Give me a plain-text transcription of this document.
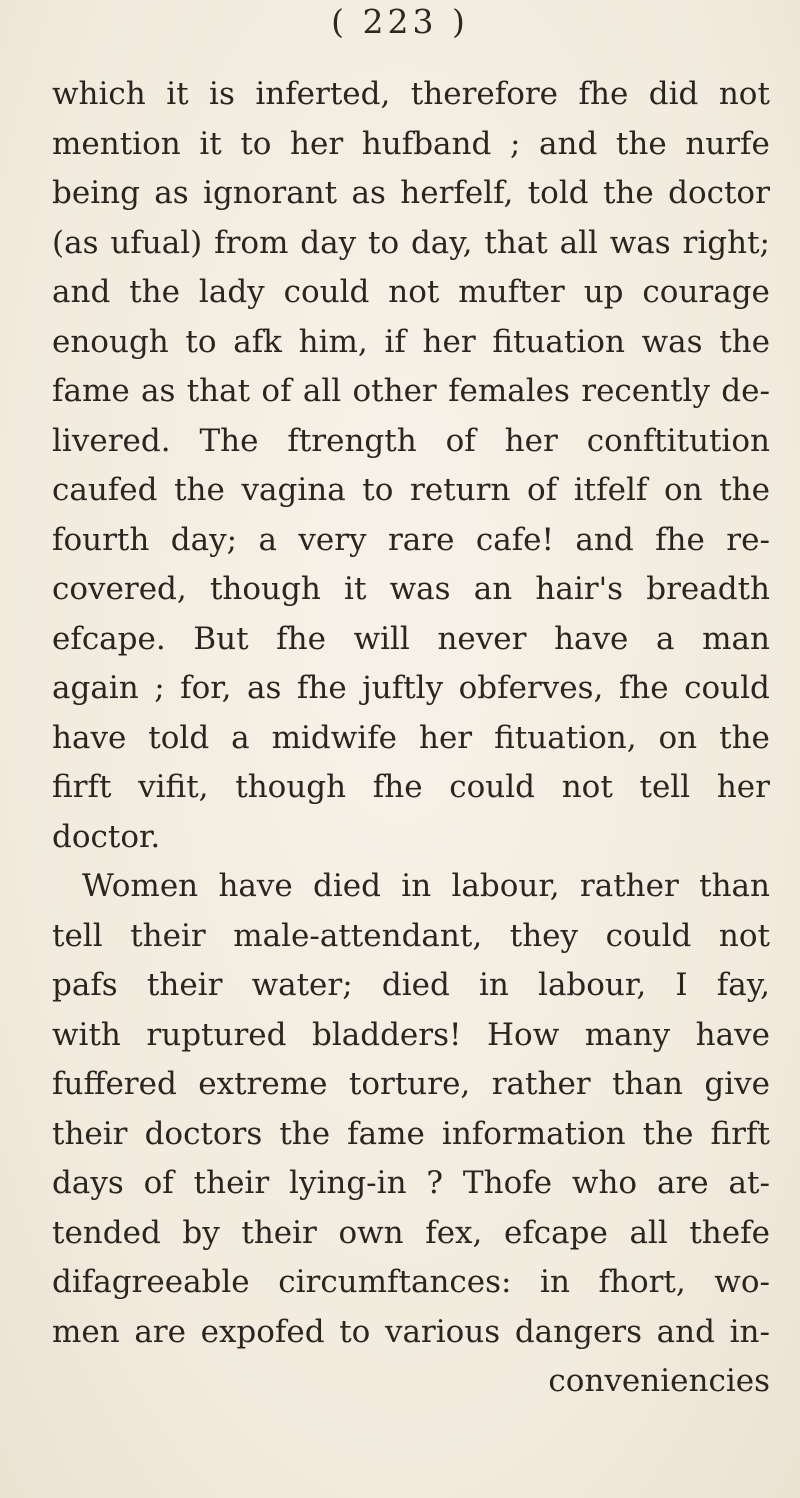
( 223 )
which it is inferted, therefore fhe did not
mention it to her hufband ; and the nurfe
being as ignorant as herfelf, told the doctor
(as ufual) from day to day, that all was right;
and the lady could not mufter up courage
enough to afk him, if her fituation was the
fame as that of all other females recently de-
livered. The ftrength of her conftitution
caufed the vagina to return of itfelf on the
fourth day; a very rare cafe! and fhe re-
covered, though it was an hair's breadth
efcape. But fhe will never have a man
again ; for, as fhe juftly obferves, fhe could
have told a midwife her fituation, on the
firft vifit, though fhe could not tell her
doctor.
Women have died in labour, rather than
tell their male-attendant, they could not
pafs their water; died in labour, I fay,
with ruptured bladders! How many have
fuffered extreme torture, rather than give
their doctors the fame information the firft
days of their lying-in ? Thofe who are at-
tended by their own fex, efcape all thefe
difagreeable circumftances: in fhort, wo-
men are expofed to various dangers and in-
conveniencies
